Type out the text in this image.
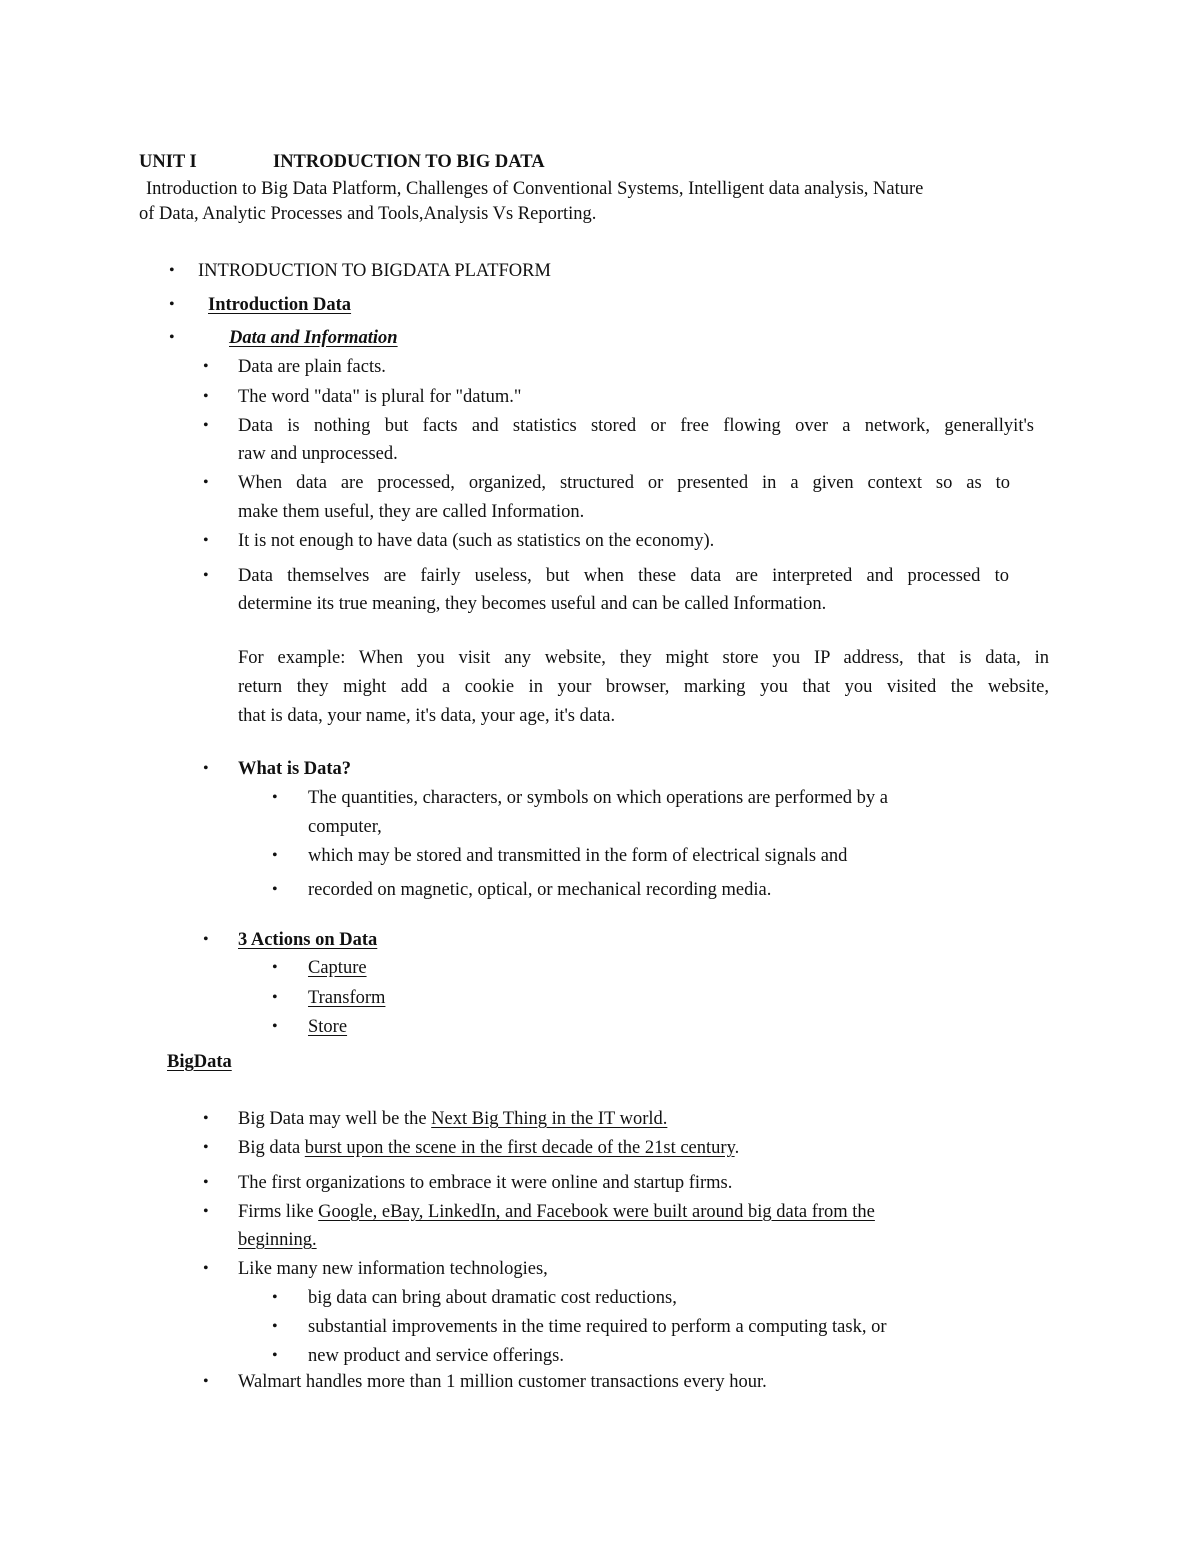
UNIT I	INTRODUCTION TO BIG DATA
Introduction to Big Data Platform, Challenges of Conventional Systems, Intelligent data analysis, Nature
of Data, Analytic Processes and Tools,Analysis Vs Reporting.
• INTRODUCTION TO BIGDATA PLATFORM
• Introduction Data
•	Data and Information
• Data are plain facts.
• The word "data" is plural for "datum."
• Data is nothing but facts and statistics stored or free flowing over a network, generallyit's
raw and unprocessed.
• When data are processed, organized, structured or presented in a given context so as to
make them useful, they are called Information.
• It is not enough to have data (such as statistics on the economy).
• Data themselves are fairly useless, but when these data are interpreted and processed to
determine its true meaning, they becomes useful and can be called Information.
For example: When you visit any website, they might store you IP address, that is data, in
return they might add a cookie in your browser, marking you that you visited the website,
that is data, your name, it's data, your age, it's data.
• What is Data?
• The quantities, characters, or symbols on which operations are performed by a
computer,
• which may be stored and transmitted in the form of electrical signals and
• recorded on magnetic, optical, or mechanical recording media.
• 3 Actions on Data
• Capture
• Transform
• Store
BigData
• Big Data may well be the Next Big Thing in the IT world.
• Big data burst upon the scene in the first decade of the 21st century.
• The first organizations to embrace it were online and startup firms.
• Firms like Google, eBay, LinkedIn, and Facebook were built around big data from the
beginning.
• Like many new information technologies,
• big data can bring about dramatic cost reductions,
• substantial improvements in the time required to perform a computing task, or
• new product and service offerings.
• Walmart handles more than 1 million customer transactions every hour.
